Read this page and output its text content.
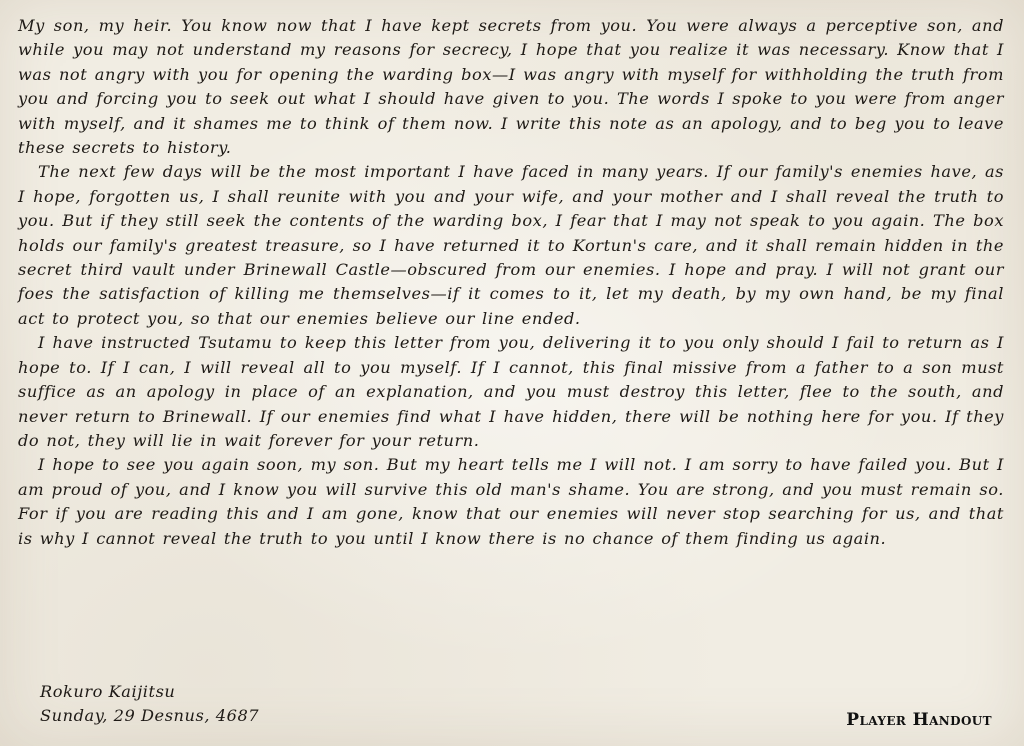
My son, my heir. You know now that I have kept secrets from you. You were always a perceptive son, and while you may not understand my reasons for secrecy, I hope that you realize it was necessary. Know that I was not angry with you for opening the warding box—I was angry with myself for withholding the truth from you and forcing you to seek out what I should have given to you. The words I spoke to you were from anger with myself, and it shames me to think of them now. I write this note as an apology, and to beg you to leave these secrets to history.

The next few days will be the most important I have faced in many years. If our family's enemies have, as I hope, forgotten us, I shall reunite with you and your wife, and your mother and I shall reveal the truth to you. But if they still seek the contents of the warding box, I fear that I may not speak to you again. The box holds our family's greatest treasure, so I have returned it to Kortun's care, and it shall remain hidden in the secret third vault under Brinewall Castle—obscured from our enemies. I hope and pray. I will not grant our foes the satisfaction of killing me themselves—if it comes to it, let my death, by my own hand, be my final act to protect you, so that our enemies believe our line ended.

I have instructed Tsutamu to keep this letter from you, delivering it to you only should I fail to return as I hope to. If I can, I will reveal all to you myself. If I cannot, this final missive from a father to a son must suffice as an apology in place of an explanation, and you must destroy this letter, flee to the south, and never return to Brinewall. If our enemies find what I have hidden, there will be nothing here for you. If they do not, they will lie in wait forever for your return.

I hope to see you again soon, my son. But my heart tells me I will not. I am sorry to have failed you. But I am proud of you, and I know you will survive this old man's shame. You are strong, and you must remain so. For if you are reading this and I am gone, know that our enemies will never stop searching for us, and that is why I cannot reveal the truth to you until I know there is no chance of them finding us again.

Rokuro Kaijitsu
Sunday, 29 Desnus, 4687	Player Handout
